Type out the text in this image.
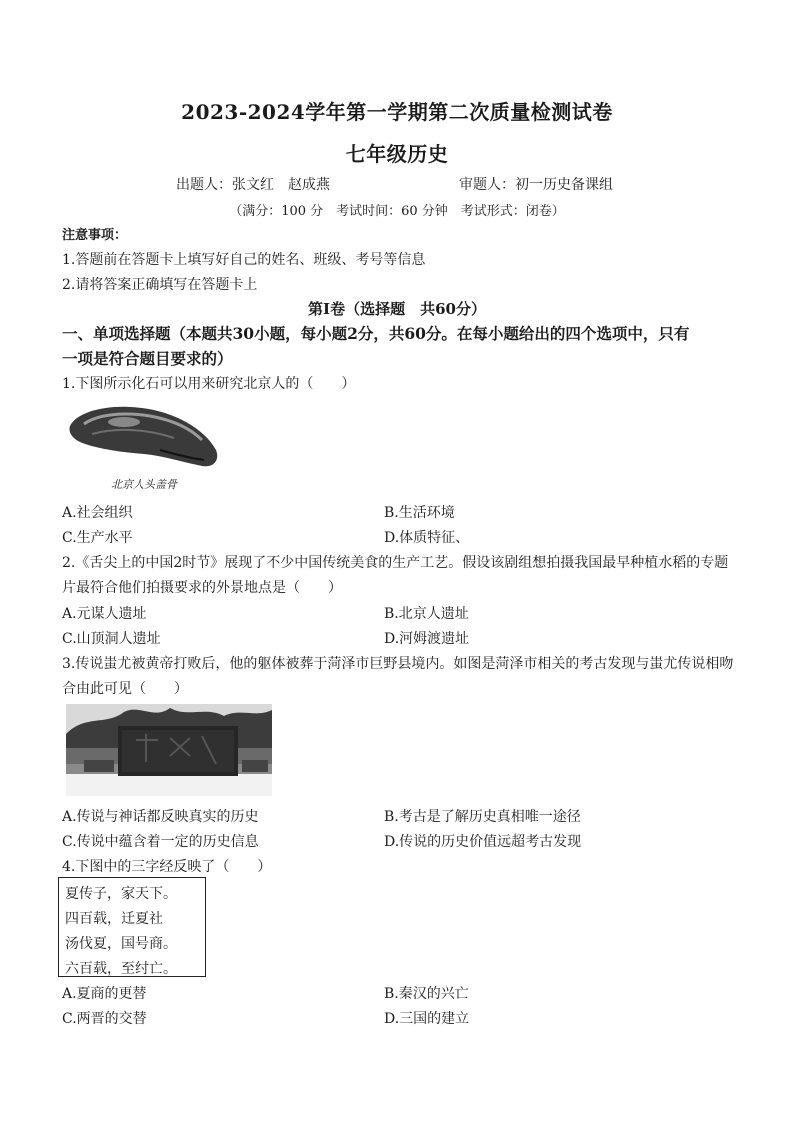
2023-2024学年第一学期第二次质量检测试卷
七年级历史
出题人：张文红　赵成燕	审题人：初一历史备课组
（满分：100 分　考试时间：60 分钟　考试形式：闭卷）
注意事项：
1.答题前在答题卡上填写好自己的姓名、班级、考号等信息
2.请将答案正确填写在答题卡上
第Ⅰ卷（选择题　共60分）
一、单项选择题（本题共30小题，每小题2分，共60分。在每小题给出的四个选项中，只有
一项是符合题目要求的）
1.下图所示化石可以用来研究北京人的（　　）
北京人头盖骨
A.社会组织	B.生活环境
C.生产水平	D.体质特征、
2.《舌尖上的中国2时节》展现了不少中国传统美食的生产工艺。假设该剧组想拍摄我国最早种植水稻的专题
片最符合他们拍摄要求的外景地点是（　　）
A.元谋人遗址	B.北京人遗址
C.山顶洞人遗址	D.河姆渡遗址
3.传说蚩尤被黄帝打败后，他的躯体被葬于菏泽市巨野县境内。如图是菏泽市相关的考古发现与蚩尤传说相吻
合由此可见（　　）
A.传说与神话都反映真实的历史	B.考古是了解历史真相唯一途径
C.传说中蕴含着一定的历史信息	D.传说的历史价值远超考古发现
4.下图中的三字经反映了（　　）
夏传子，家天下。
四百载，迁夏社
汤伐夏，国号商。
六百载，至纣亡。
A.夏商的更替	B.秦汉的兴亡
C.两晋的交替	D.三国的建立
